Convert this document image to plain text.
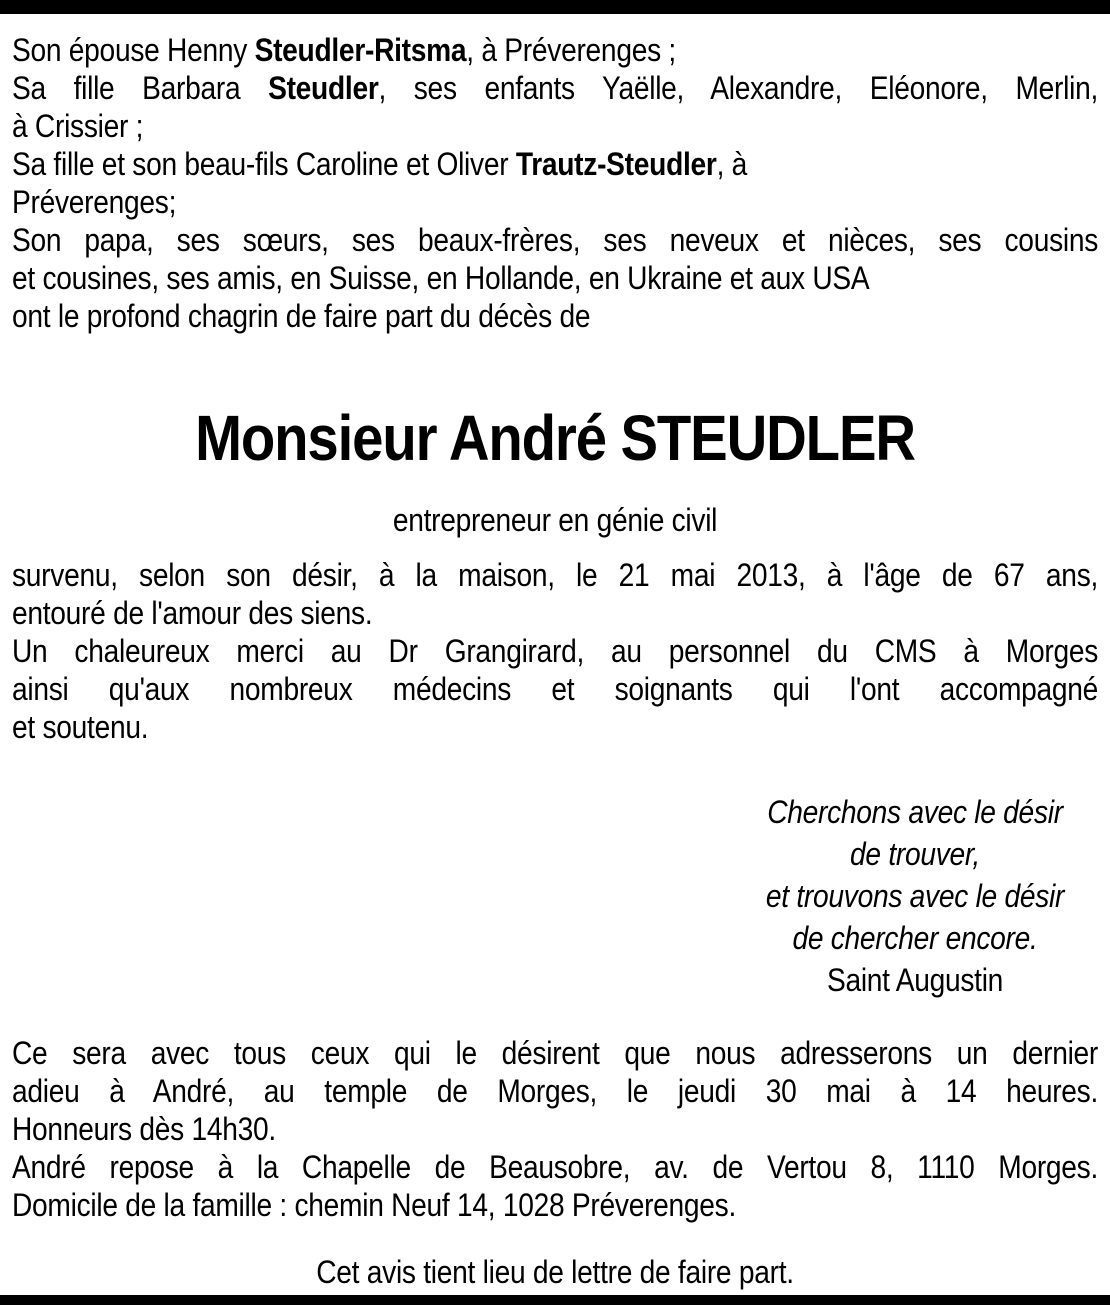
Son épouse Henny Steudler-Ritsma, à Préverenges ;
Sa fille Barbara Steudler, ses enfants Yaëlle, Alexandre, Eléonore, Merlin,
à Crissier ;
Sa fille et son beau-fils Caroline et Oliver Trautz-Steudler, à
Préverenges;
Son papa, ses sœurs, ses beaux-frères, ses neveux et nièces, ses cousins
et cousines, ses amis, en Suisse, en Hollande, en Ukraine et aux USA
ont le profond chagrin de faire part du décès de
Monsieur André STEUDLER
entrepreneur en génie civil
survenu, selon son désir, à la maison, le 21 mai 2013, à l'âge de 67 ans,
entouré de l'amour des siens.
Un chaleureux merci au Dr Grangirard, au personnel du CMS à Morges
ainsi qu'aux nombreux médecins et soignants qui l'ont accompagné
et soutenu.
Cherchons avec le désir
de trouver,
et trouvons avec le désir
de chercher encore.
Saint Augustin
Ce sera avec tous ceux qui le désirent que nous adresserons un dernier
adieu à André, au temple de Morges, le jeudi 30 mai à 14 heures.
Honneurs dès 14h30.
André repose à la Chapelle de Beausobre, av. de Vertou 8, 1110 Morges.
Domicile de la famille : chemin Neuf 14, 1028 Préverenges.
Cet avis tient lieu de lettre de faire part.
